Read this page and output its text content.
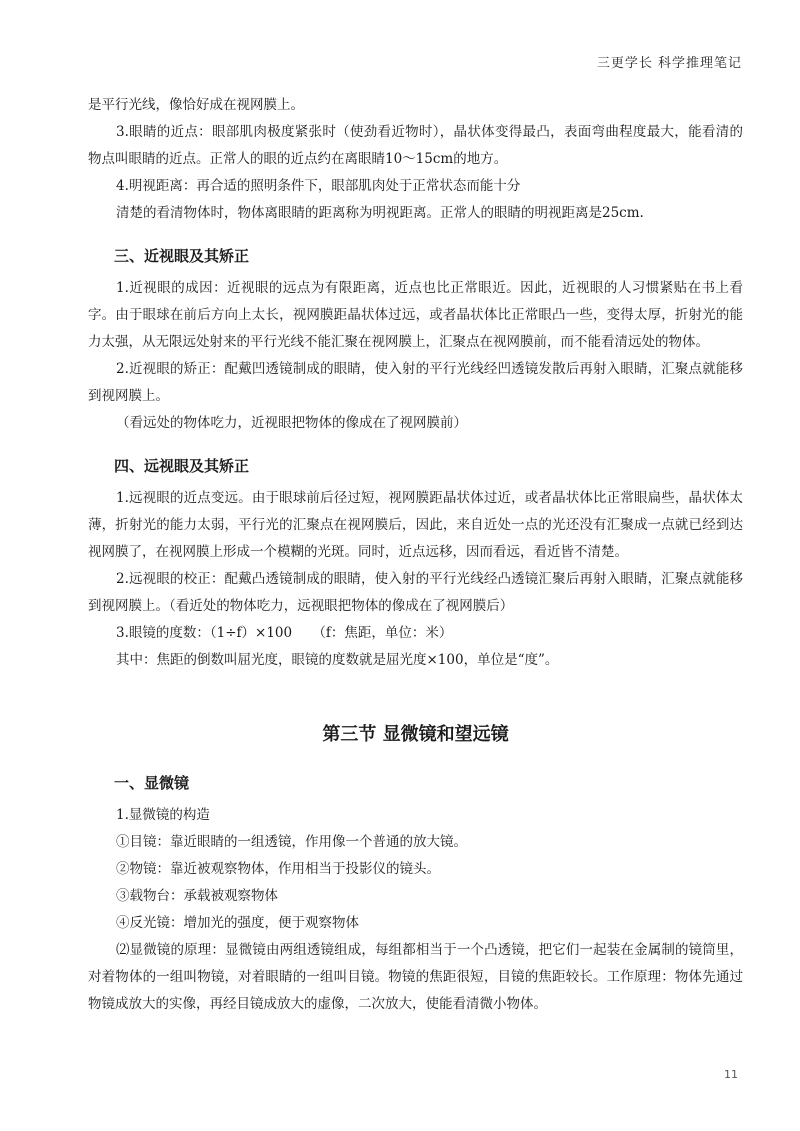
三更学长 科学推理笔记

是平行光线，像恰好成在视网膜上。

3.眼睛的近点：眼部肌肉极度紧张时（使劲看近物时），晶状体变得最凸，表面弯曲程度最大，能看清的物点叫眼睛的近点。正常人的眼的近点约在离眼睛10～15cm的地方。

4.明视距离：再合适的照明条件下，眼部肌肉处于正常状态而能十分

清楚的看清物体时，物体离眼睛的距离称为明视距离。正常人的眼睛的明视距离是25cm.

三、近视眼及其矫正

1.近视眼的成因：近视眼的远点为有限距离，近点也比正常眼近。因此，近视眼的人习惯紧贴在书上看字。由于眼球在前后方向上太长，视网膜距晶状体过远，或者晶状体比正常眼凸一些，变得太厚，折射光的能力太强，从无限远处射来的平行光线不能汇聚在视网膜上，汇聚点在视网膜前，而不能看清远处的物体。

2.近视眼的矫正：配戴凹透镜制成的眼睛，使入射的平行光线经凹透镜发散后再射入眼睛，汇聚点就能移到视网膜上。

（看远处的物体吃力，近视眼把物体的像成在了视网膜前）

四、远视眼及其矫正

1.远视眼的近点变远。由于眼球前后径过短，视网膜距晶状体过近，或者晶状体比正常眼扁些，晶状体太薄，折射光的能力太弱，平行光的汇聚点在视网膜后，因此，来自近处一点的光还没有汇聚成一点就已经到达视网膜了，在视网膜上形成一个模糊的光斑。同时，近点远移，因而看远，看近皆不清楚。

2.远视眼的校正：配戴凸透镜制成的眼睛，使入射的平行光线经凸透镜汇聚后再射入眼睛，汇聚点就能移到视网膜上。（看近处的物体吃力，远视眼把物体的像成在了视网膜后）

3.眼镜的度数：（1÷f）×100　　（f：焦距，单位：米）

其中：焦距的倒数叫屈光度，眼镜的度数就是屈光度×100，单位是“度”。

第三节 显微镜和望远镜
一、显微镜

1.显微镜的构造

①目镜：靠近眼睛的一组透镜，作用像一个普通的放大镜。

②物镜：靠近被观察物体，作用相当于投影仪的镜头。

③载物台：承载被观察物体

④反光镜：增加光的强度，便于观察物体

⑵显微镜的原理：显微镜由两组透镜组成，每组都相当于一个凸透镜，把它们一起装在金属制的镜筒里，对着物体的一组叫物镜，对着眼睛的一组叫目镜。物镜的焦距很短，目镜的焦距较长。工作原理：物体先通过物镜成放大的实像，再经目镜成放大的虚像，二次放大，使能看清微小物体。

11
